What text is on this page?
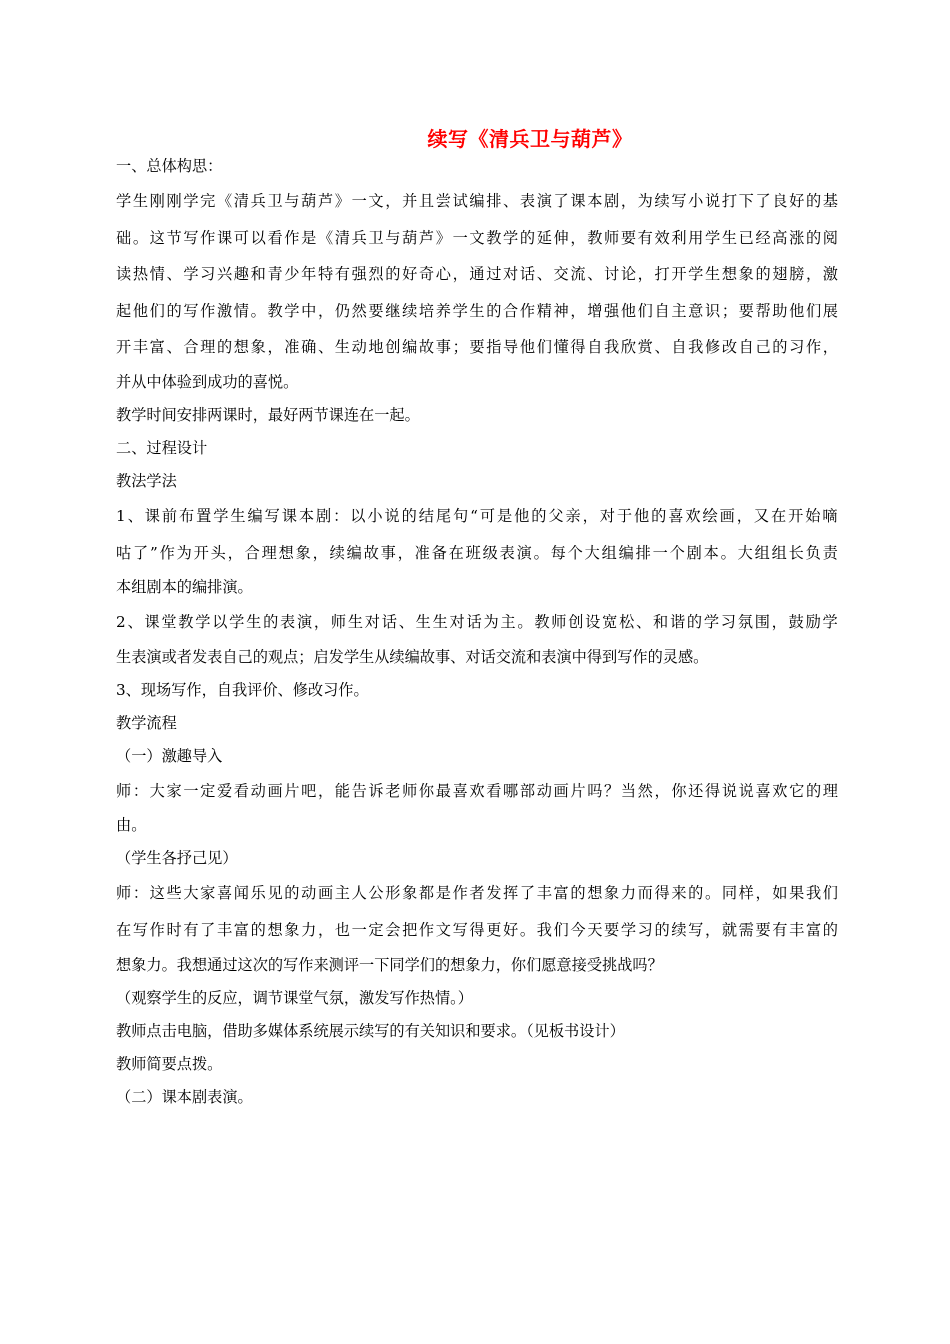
续写《清兵卫与葫芦》
一、总体构思：
学 生 刚 刚 学 完 《 清 兵 卫 与 葫 芦 》 一 文 ， 并 且 尝 试 编 排 、 表 演 了 课 本 剧 ， 为 续 写 小 说 打 下 了 良 好 的 基
础 。 这 节 写 作 课 可 以 看 作 是 《 清 兵 卫 与 葫 芦 》 一 文 教 学 的 延 伸 ， 教 师 要 有 效 利 用 学 生 已 经 高 涨 的 阅
读 热 情 、 学 习 兴 趣 和 青 少 年 特 有 强 烈 的 好 奇 心 ， 通 过 对 话 、 交 流 、 讨 论 ， 打 开 学 生 想 象 的 翅 膀 ， 激
起 他 们 的 写 作 激 情 。 教 学 中 ， 仍 然 要 继 续 培 养 学 生 的 合 作 精 神 ， 增 强 他 们 自 主 意 识 ； 要 帮 助 他 们 展
开 丰 富 、 合 理 的 想 象 ， 准 确 、 生 动 地 创 编 故 事 ； 要 指 导 他 们 懂 得 自 我 欣 赏 、 自 我 修 改 自 己 的 习 作 ，
并从中体验到成功的喜悦。
教学时间安排两课时，最好两节课连在一起。
二、过程设计
教法学法
1 、 课 前 布 置 学 生 编 写 课 本 剧 ： 以 小 说 的 结 尾 句 “ 可 是 他 的 父 亲 ， 对 于 他 的 喜 欢 绘 画 ， 又 在 开 始 嘀
咕 了 ” 作 为 开 头 ， 合 理 想 象 ， 续 编 故 事 ， 准 备 在 班 级 表 演 。 每 个 大 组 编 排 一 个 剧 本 。 大 组 组 长 负 责
本组剧本的编排演。
2 、 课 堂 教 学 以 学 生 的 表 演 ， 师 生 对 话 、 生 生 对 话 为 主 。 教 师 创 设 宽 松 、 和 谐 的 学 习 氛 围 ， 鼓 励 学
生表演或者发表自己的观点；启发学生从续编故事、对话交流和表演中得到写作的灵感。
3、现场写作，自我评价、修改习作。
教学流程
（一）激趣导入
师 ： 大 家 一 定 爱 看 动 画 片 吧 ， 能 告 诉 老 师 你 最 喜 欢 看 哪 部 动 画 片 吗 ？ 当 然 ， 你 还 得 说 说 喜 欢 它 的 理
由。
（学生各抒己见）
师 ： 这 些 大 家 喜 闻 乐 见 的 动 画 主 人 公 形 象 都 是 作 者 发 挥 了 丰 富 的 想 象 力 而 得 来 的 。 同 样 ， 如 果 我 们
在 写 作 时 有 了 丰 富 的 想 象 力 ， 也 一 定 会 把 作 文 写 得 更 好 。 我 们 今 天 要 学 习 的 续 写 ， 就 需 要 有 丰 富 的
想象力。我想通过这次的写作来测评一下同学们的想象力，你们愿意接受挑战吗？
（观察学生的反应，调节课堂气氛，激发写作热情。）
教师点击电脑，借助多媒体系统展示续写的有关知识和要求。（见板书设计）
教师简要点拨。
（二）课本剧表演。
